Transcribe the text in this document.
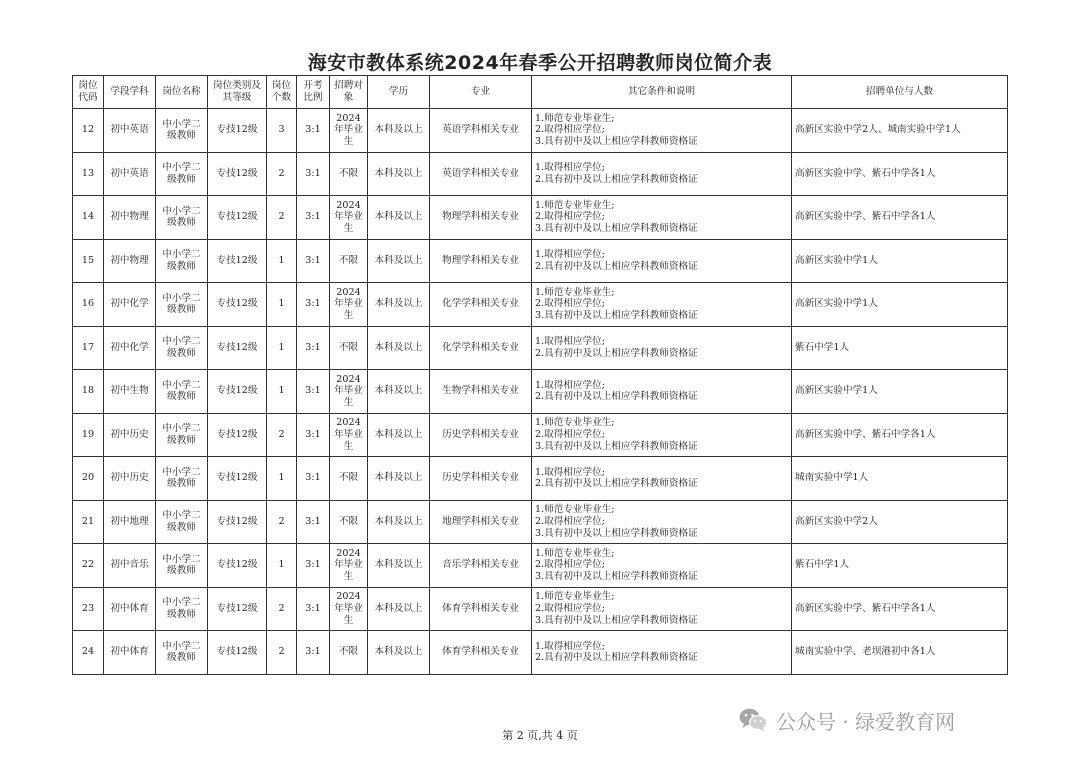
海安市教体系统2024年春季公开招聘教师岗位简介表
岗位代码	学段学科	岗位名称	岗位类别及其等级	岗位个数	开考比例	招聘对象	学历	专业	其它条件和说明	招聘单位与人数
12	初中英语	中小学二级教师	专技12级	3	3:1	2024年毕业生	本科及以上	英语学科相关专业	1.师范专业毕业生;
2.取得相应学位;
3.具有初中及以上相应学科教师资格证	高新区实验中学2人、城南实验中学1人
13	初中英语	中小学二级教师	专技12级	2	3:1	不限	本科及以上	英语学科相关专业	1.取得相应学位;
2.具有初中及以上相应学科教师资格证	高新区实验中学、紫石中学各1人
14	初中物理	中小学二级教师	专技12级	2	3:1	2024年毕业生	本科及以上	物理学科相关专业	1.师范专业毕业生;
2.取得相应学位;
3.具有初中及以上相应学科教师资格证	高新区实验中学、紫石中学各1人
15	初中物理	中小学二级教师	专技12级	1	3:1	不限	本科及以上	物理学科相关专业	1.取得相应学位;
2.具有初中及以上相应学科教师资格证	高新区实验中学1人
16	初中化学	中小学二级教师	专技12级	1	3:1	2024年毕业生	本科及以上	化学学科相关专业	1.师范专业毕业生;
2.取得相应学位;
3.具有初中及以上相应学科教师资格证	高新区实验中学1人
17	初中化学	中小学二级教师	专技12级	1	3:1	不限	本科及以上	化学学科相关专业	1.取得相应学位;
2.具有初中及以上相应学科教师资格证	紫石中学1人
18	初中生物	中小学二级教师	专技12级	1	3:1	2024年毕业生	本科及以上	生物学科相关专业	1.取得相应学位;
2.具有初中及以上相应学科教师资格证	高新区实验中学1人
19	初中历史	中小学二级教师	专技12级	2	3:1	2024年毕业生	本科及以上	历史学科相关专业	1.师范专业毕业生;
2.取得相应学位;
3.具有初中及以上相应学科教师资格证	高新区实验中学、紫石中学各1人
20	初中历史	中小学二级教师	专技12级	1	3:1	不限	本科及以上	历史学科相关专业	1.取得相应学位;
2.具有初中及以上相应学科教师资格证	城南实验中学1人
21	初中地理	中小学二级教师	专技12级	2	3:1	不限	本科及以上	地理学科相关专业	1.师范专业毕业生;
2.取得相应学位;
3.具有初中及以上相应学科教师资格证	高新区实验中学2人
22	初中音乐	中小学二级教师	专技12级	1	3:1	2024年毕业生	本科及以上	音乐学科相关专业	1.师范专业毕业生;
2.取得相应学位;
3.具有初中及以上相应学科教师资格证	紫石中学1人
23	初中体育	中小学二级教师	专技12级	2	3:1	2024年毕业生	本科及以上	体育学科相关专业	1.师范专业毕业生;
2.取得相应学位;
3.具有初中及以上相应学科教师资格证	高新区实验中学、紫石中学各1人
24	初中体育	中小学二级教师	专技12级	2	3:1	不限	本科及以上	体育学科相关专业	1.取得相应学位;
2.具有初中及以上相应学科教师资格证	城南实验中学、老坝港初中各1人
第 2 页,共 4 页
公众号 · 绿爱教育网
